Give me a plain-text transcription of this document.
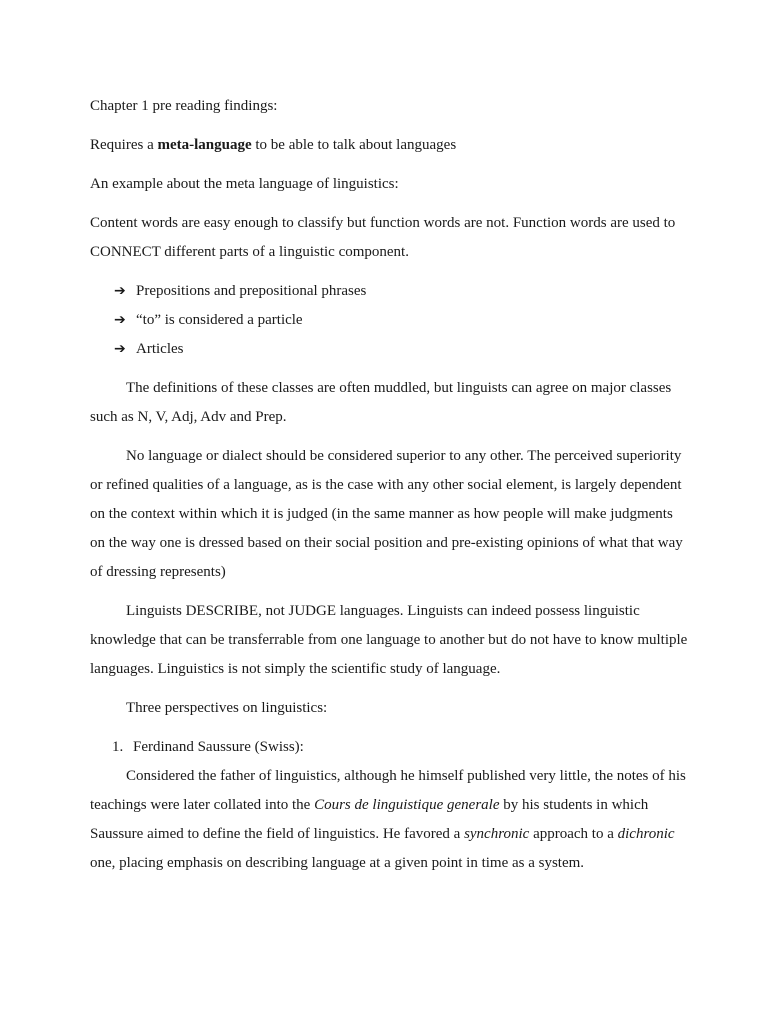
Chapter 1 pre reading findings:

Requires a meta-language to be able to talk about languages

An example about the meta language of linguistics:

Content words are easy enough to classify but function words are not. Function words are used to CONNECT different parts of a linguistic component.

➔ Prepositions and prepositional phrases
➔ “to” is considered a particle
➔ Articles

The definitions of these classes are often muddled, but linguists can agree on major classes such as N, V, Adj, Adv and Prep.

No language or dialect should be considered superior to any other. The perceived superiority or refined qualities of a language, as is the case with any other social element, is largely dependent on the context within which it is judged (in the same manner as how people will make judgments on the way one is dressed based on their social position and pre-existing opinions of what that way of dressing represents)

Linguists DESCRIBE, not JUDGE languages. Linguists can indeed possess linguistic knowledge that can be transferrable from one language to another but do not have to know multiple languages. Linguistics is not simply the scientific study of language.

Three perspectives on linguistics:

1. Ferdinand Saussure (Swiss):

Considered the father of linguistics, although he himself published very little, the notes of his teachings were later collated into the Cours de linguistique generale by his students in which Saussure aimed to define the field of linguistics. He favored a synchronic approach to a dichronic one, placing emphasis on describing language at a given point in time as a system.
